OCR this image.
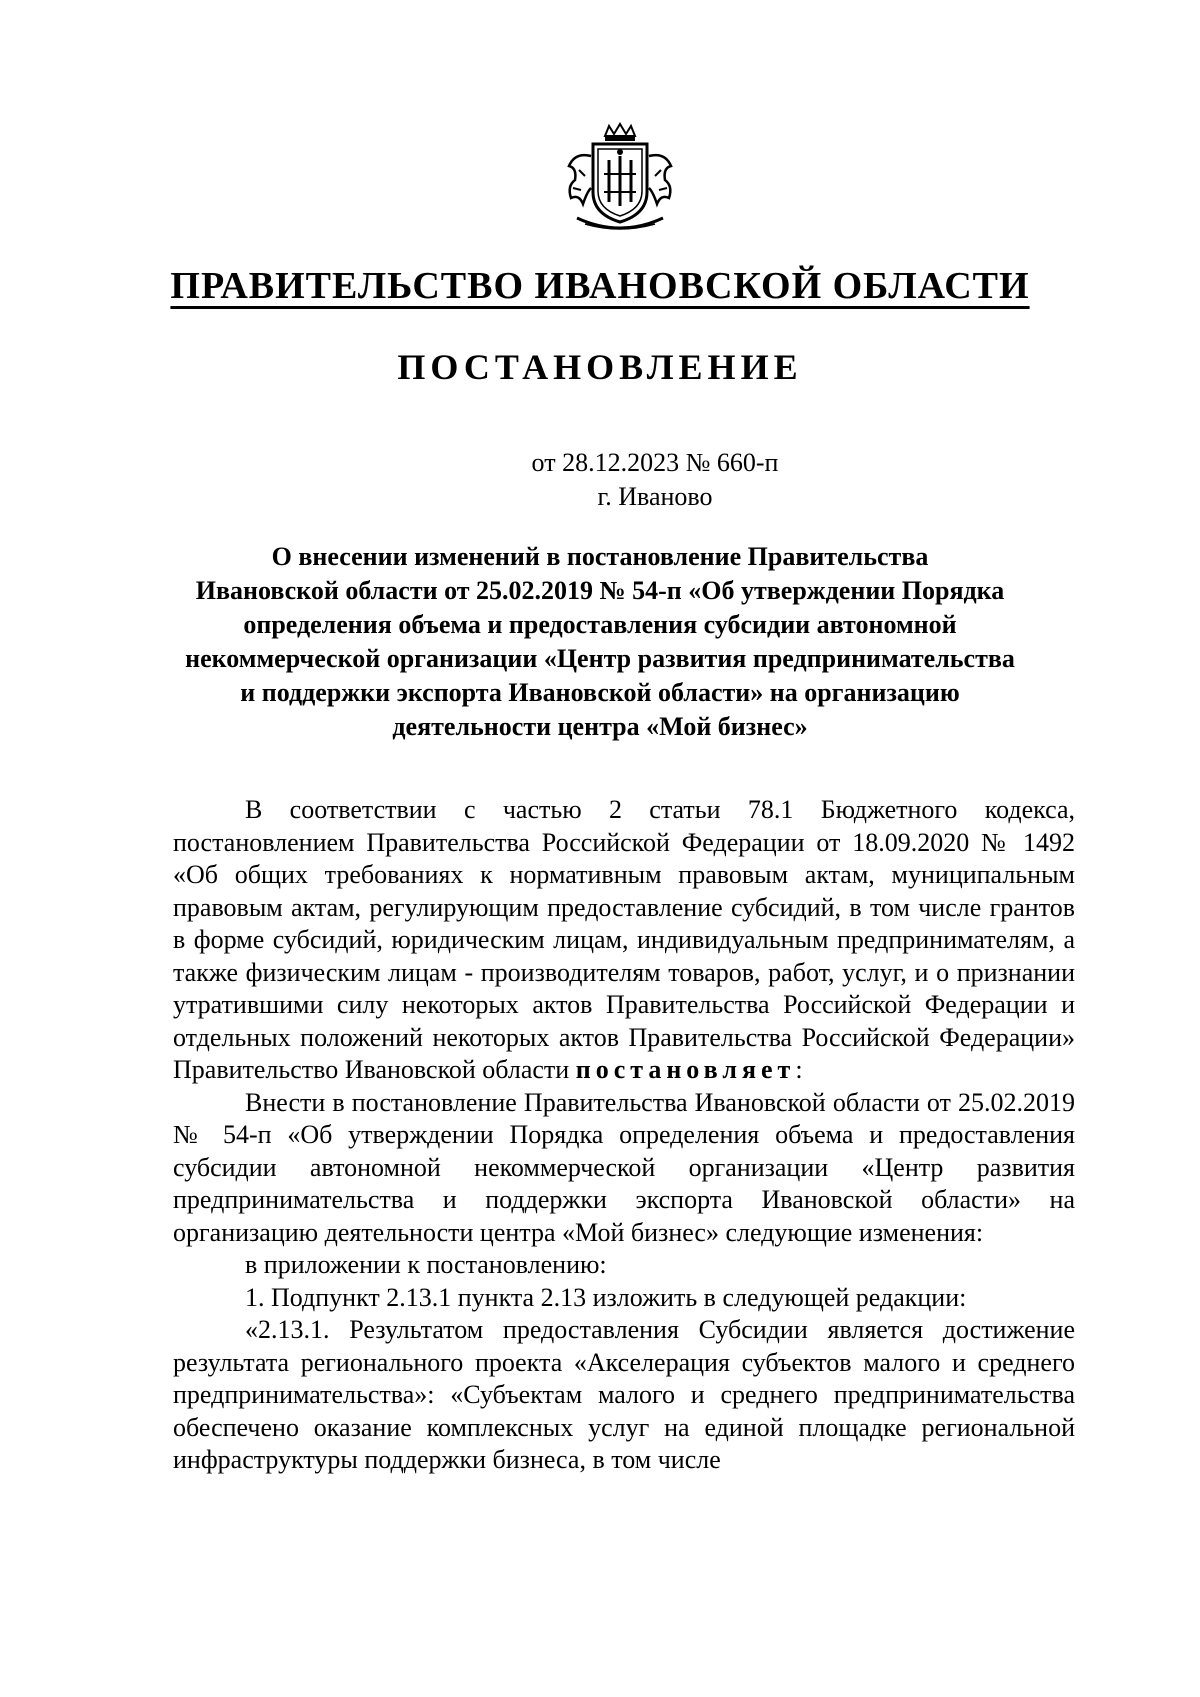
ПРАВИТЕЛЬСТВО ИВАНОВСКОЙ ОБЛАСТИ
ПОСТАНОВЛЕНИЕ
от 28.12.2023 № 660-п
г. Иваново
О внесении изменений в постановление Правительства
Ивановской области от 25.02.2019 № 54-п «Об утверждении Порядка
определения объема и предоставления субсидии автономной
некоммерческой организации «Центр развития предпринимательства
и поддержки экспорта Ивановской области» на организацию
деятельности центра «Мой бизнес»

В соответствии с частью 2 статьи 78.1 Бюджетного кодекса, постановлением Правительства Российской Федерации от 18.09.2020 № 1492 «Об общих требованиях к нормативным правовым актам, муниципальным правовым актам, регулирующим предоставление субсидий, в том числе грантов в форме субсидий, юридическим лицам, индивидуальным предпринимателям, а также физическим лицам - производителям товаров, работ, услуг, и о признании утратившими силу некоторых актов Правительства Российской Федерации и отдельных положений некоторых актов Правительства Российской Федерации» Правительство Ивановской области постановляет:

Внести в постановление Правительства Ивановской области от 25.02.2019 № 54-п «Об утверждении Порядка определения объема и предоставления субсидии автономной некоммерческой организации «Центр развития предпринимательства и поддержки экспорта Ивановской области» на организацию деятельности центра «Мой бизнес» следующие изменения:

в приложении к постановлению:

1. Подпункт 2.13.1 пункта 2.13 изложить в следующей редакции:

«2.13.1. Результатом предоставления Субсидии является достижение результата регионального проекта «Акселерация субъектов малого и среднего предпринимательства»: «Субъектам малого и среднего предпринимательства обеспечено оказание комплексных услуг на единой площадке региональной инфраструктуры поддержки бизнеса, в том числе
